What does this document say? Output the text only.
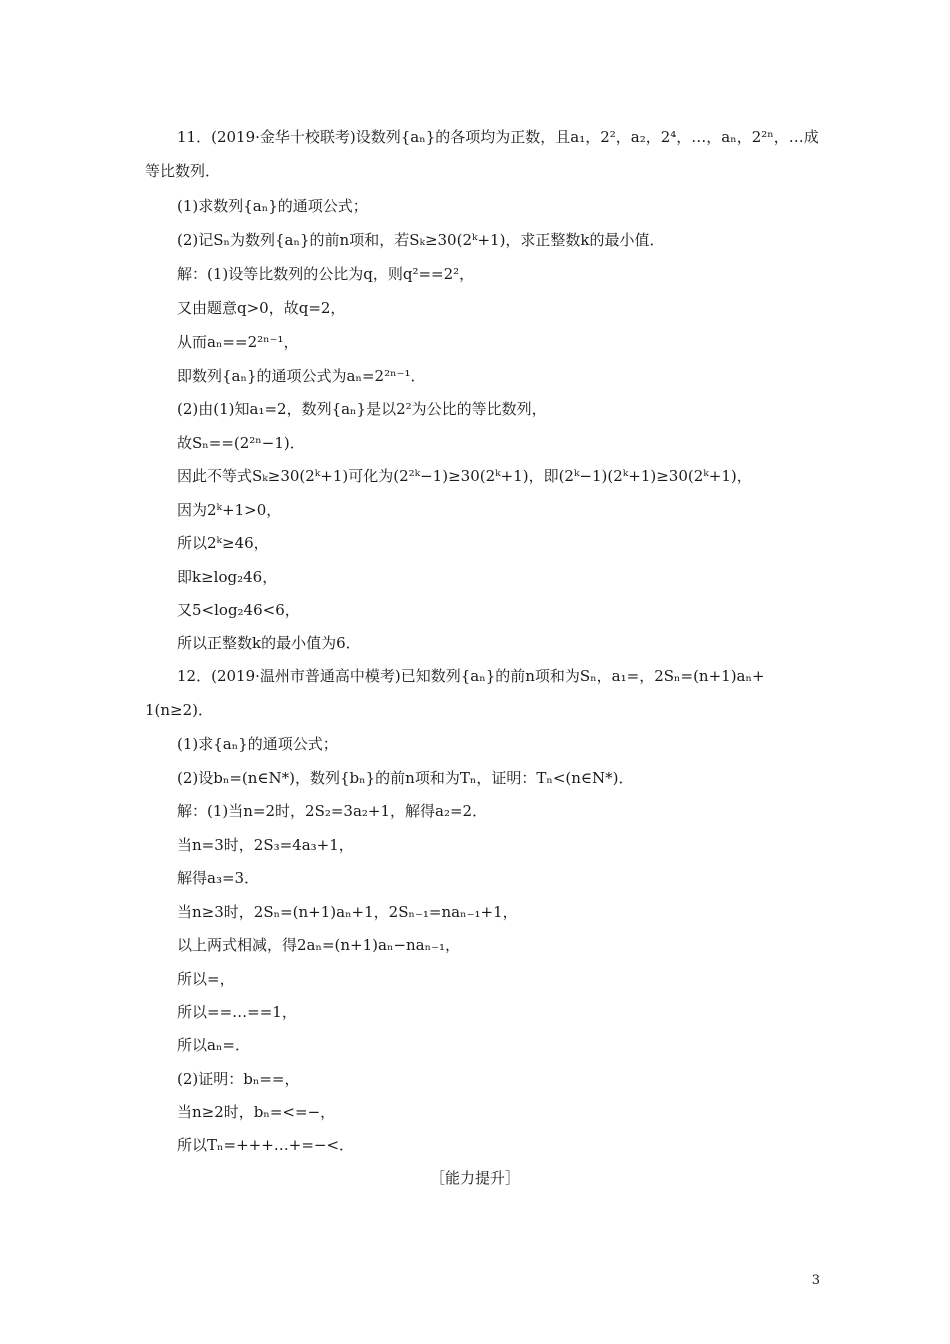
11．(2019·金华十校联考)设数列{aₙ}的各项均为正数，且a₁，2²，a₂，2⁴，…，aₙ，2²ⁿ，…成
等比数列．
(1)求数列{aₙ}的通项公式；
(2)记Sₙ为数列{aₙ}的前n项和，若Sₖ≥30(2ᵏ+1)，求正整数k的最小值．
解：(1)设等比数列的公比为q，则q²==2²，
又由题意q>0，故q=2，
从而aₙ==2²ⁿ⁻¹，
即数列{aₙ}的通项公式为aₙ=2²ⁿ⁻¹．
(2)由(1)知a₁=2，数列{aₙ}是以2²为公比的等比数列，
故Sₙ==(2²ⁿ−1)．
因此不等式Sₖ≥30(2ᵏ+1)可化为(2²ᵏ−1)≥30(2ᵏ+1)，即(2ᵏ−1)(2ᵏ+1)≥30(2ᵏ+1)，
因为2ᵏ+1>0，
所以2ᵏ≥46，
即k≥log₂46，
又5<log₂46<6，
所以正整数k的最小值为6．
12．(2019·温州市普通高中模考)已知数列{aₙ}的前n项和为Sₙ，a₁=，2Sₙ=(n+1)aₙ+
1(n≥2)．
(1)求{aₙ}的通项公式；
(2)设bₙ=(n∈N*)，数列{bₙ}的前n项和为Tₙ，证明：Tₙ<(n∈N*)．
解：(1)当n=2时，2S₂=3a₂+1，解得a₂=2．
当n=3时，2S₃=4a₃+1，
解得a₃=3．
当n≥3时，2Sₙ=(n+1)aₙ+1，2Sₙ₋₁=naₙ₋₁+1，
以上两式相减，得2aₙ=(n+1)aₙ−naₙ₋₁，
所以=，
所以==…==1，
所以aₙ=．
(2)证明：bₙ==，
当n≥2时，bₙ=<=−，
所以Tₙ=+++…+=−<．
［能力提升］
3
